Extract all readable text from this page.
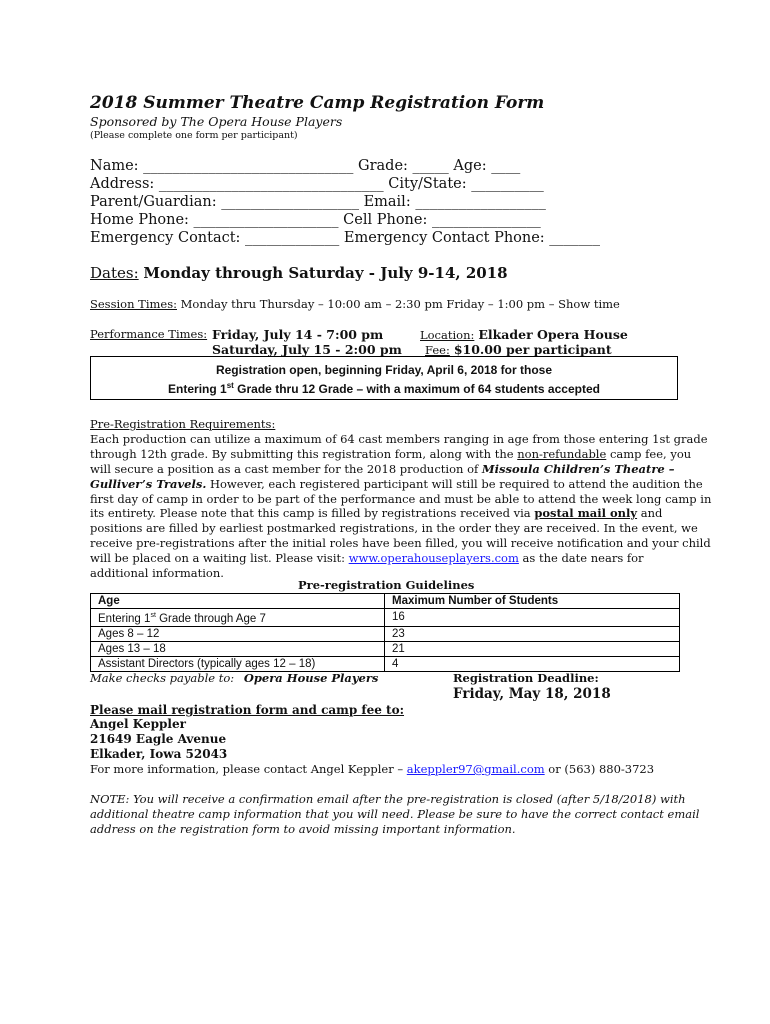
2018 Summer Theatre Camp Registration Form
Sponsored by The Opera House Players
(Please complete one form per participant)
Name: _____________________________ Grade: _____ Age: ____
Address: _______________________________ City/State: __________
Parent/Guardian: ___________________ Email: __________________
Home Phone: ____________________ Cell Phone: _______________
Emergency Contact: _____________ Emergency Contact Phone: _______
Dates: Monday through Saturday - July 9-14, 2018
Session Times: Monday thru Thursday – 10:00 am – 2:30 pm Friday – 1:00 pm – Show time
Performance Times: Friday, July 14 - 7:00 pm
Saturday, July 15 - 2:00 pm
Location: Elkader Opera House
Fee: $10.00 per participant
Registration open, beginning Friday, April 6, 2018 for those
Entering 1st Grade thru 12 Grade – with a maximum of 64 students accepted
Pre-Registration Requirements:
Each production can utilize a maximum of 64 cast members ranging in age from those entering 1st grade
through 12th grade. By submitting this registration form, along with the non-refundable camp fee, you
will secure a position as a cast member for the 2018 production of Missoula Children’s Theatre –
Gulliver’s Travels. However, each registered participant will still be required to attend the audition the
first day of camp in order to be part of the performance and must be able to attend the week long camp in
its entirety. Please note that this camp is filled by registrations received via postal mail only and
positions are filled by earliest postmarked registrations, in the order they are received. In the event, we
receive pre-registrations after the initial roles have been filled, you will receive notification and your child
will be placed on a waiting list. Please visit: www.operahouseplayers.com as the date nears for
additional information.
Pre-registration Guidelines
Age	Maximum Number of Students
Entering 1st Grade through Age 7	16
Ages 8 – 12	23
Ages 13 – 18	21
Assistant Directors (typically ages 12 – 18)	4
Make checks payable to: Opera House Players	Registration Deadline:
Friday, May 18, 2018
Please mail registration form and camp fee to:
Angel Keppler
21649 Eagle Avenue
Elkader, Iowa 52043
For more information, please contact Angel Keppler – akeppler97@gmail.com or (563) 880-3723
NOTE: You will receive a confirmation email after the pre-registration is closed (after 5/18/2018) with
additional theatre camp information that you will need. Please be sure to have the correct contact email
address on the registration form to avoid missing important information.
